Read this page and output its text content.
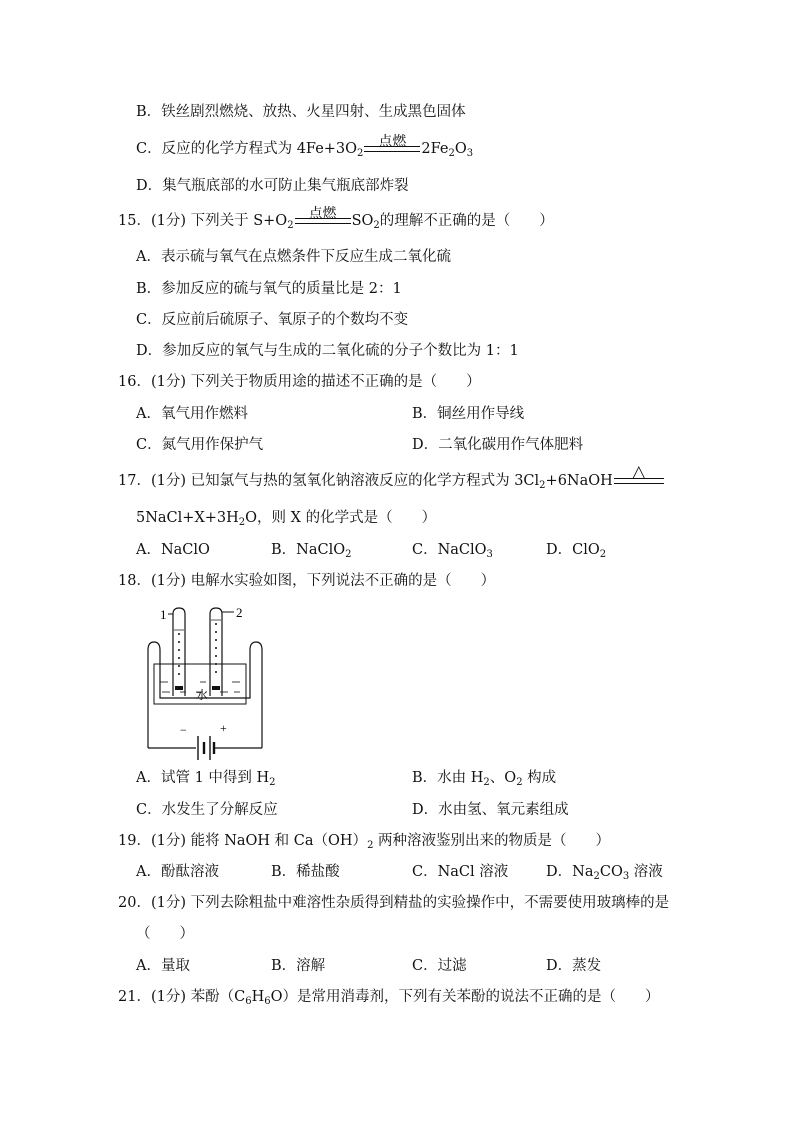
B．铁丝剧烈燃烧、放热、火星四射、生成黑色固体
C．反应的化学方程式为 $4Fe+3O_2$
点燃	$2Fe_2O_3$
D．集气瓶底部的水可防止集气瓶底部炸裂
15．(1分) 下列关于 $S+O_2$
点燃	$SO_2$的理解不正确的是（　　）
A．表示硫与氧气在点燃条件下反应生成二氧化硫
B．参加反应的硫与氧气的质量比是 2：1
C．反应前后硫原子、氧原子的个数均不变
D．参加反应的氧气与生成的二氧化硫的分子个数比为 1：1
16．(1分) 下列关于物质用途的描述不正确的是（　　）
A．氧气用作燃料	B．铜丝用作导线
C．氮气用作保护气	D．二氧化碳用作气体肥料
17．(1分) 已知氯气与热的氢氧化钠溶液反应的化学方程式为 $3Cl_2+6NaOH$	△
$5NaCl+X+3H_2O$，则 X 的化学式是（　　）
A．NaClO	B．NaClO$_2$	C．NaClO$_3$	D．ClO$_2$
18．(1分) 电解水实验如图，下列说法不正确的是（　　）
1	2
水
−	+
A．试管 1 中得到 $H_2$	B．水由 $H_2$、$O_2$ 构成
C．水发生了分解反应	D．水由氢、氧元素组成
19．(1分) 能将 NaOH 和 $Ca(OH)_2$ 两种溶液鉴别出来的物质是（　　）
A．酚酞溶液	B．稀盐酸	C．NaCl 溶液	D．$Na_2CO_3$ 溶液
20．(1分) 下列去除粗盐中难溶性杂质得到精盐的实验操作中，不需要使用玻璃棒的是
（　　）
A．量取	B．溶解	C．过滤	D．蒸发
21．(1分) 苯酚$(C_6H_6O)$是常用消毒剂，下列有关苯酚的说法不正确的是（　　）
